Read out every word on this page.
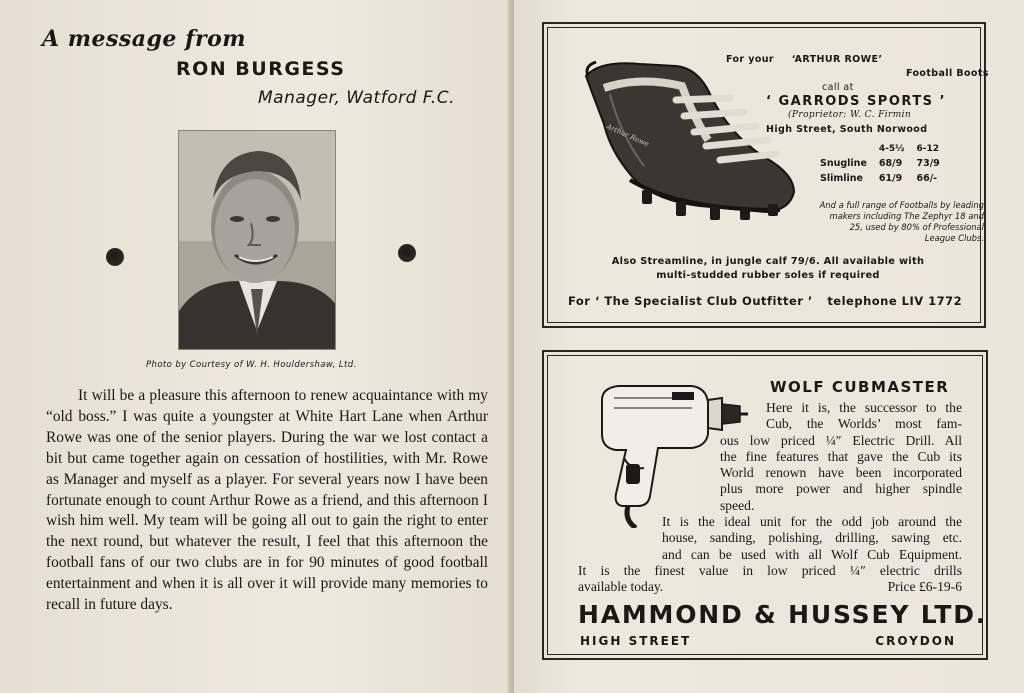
A message from
RON BURGESS
Manager, Watford F.C.
Photo by Courtesy of W. H. Houldershaw, Ltd.

It will be a pleasure this afternoon to renew acquaintance with my “old boss.” I was quite a youngster at White Hart Lane when Arthur Rowe was one of the senior players. During the war we lost contact a bit but came together again on cessation of hostilities, with Mr. Rowe as Manager and myself as a player. For several years now I have been fortunate enough to count Arthur Rowe as a friend, and this afternoon I wish him well. My team will be going all out to gain the right to enter the next round, but whatever the result, I feel that this afternoon the football fans of our two clubs are in for 90 minutes of good football entertainment and when it is all over it will provide many memories to recall in future days.

Arthur Rowe
For your ‘ARTHUR ROWE’
Football Boots
call at
‘ GARRODS SPORTS ’
(Proprietor: W. C. Firmin
High Street, South Norwood
	4-5½	6-12
Snugline	68/9	73/9
Slimline	61/9	66/-
And a full range of Footballs by leading makers including The Zephyr 18 and 25, used by 80% of Professional League Clubs.
Also Streamline, in jungle calf 79/6. All available with
multi-studded rubber soles if required
For ‘ The Specialist Club Outfitter ’ telephone LIV 1772
WOLF CUBMASTER
Here it is, the successor to the
Cub, the Worlds’ most fam-
ous low priced ¼″ Electric Drill. All
the fine features that gave the Cub its
World renown have been incorporated
plus more power and higher spindle
speed.
It is the ideal unit for the odd job around the
house, sanding, polishing, drilling, sawing etc.
and can be used with all Wolf Cub Equipment.
It is the finest value in low priced ¼″ electric drills
available today.	Price £6-19-6
HAMMOND & HUSSEY LTD.
HIGH STREET	CROYDON
